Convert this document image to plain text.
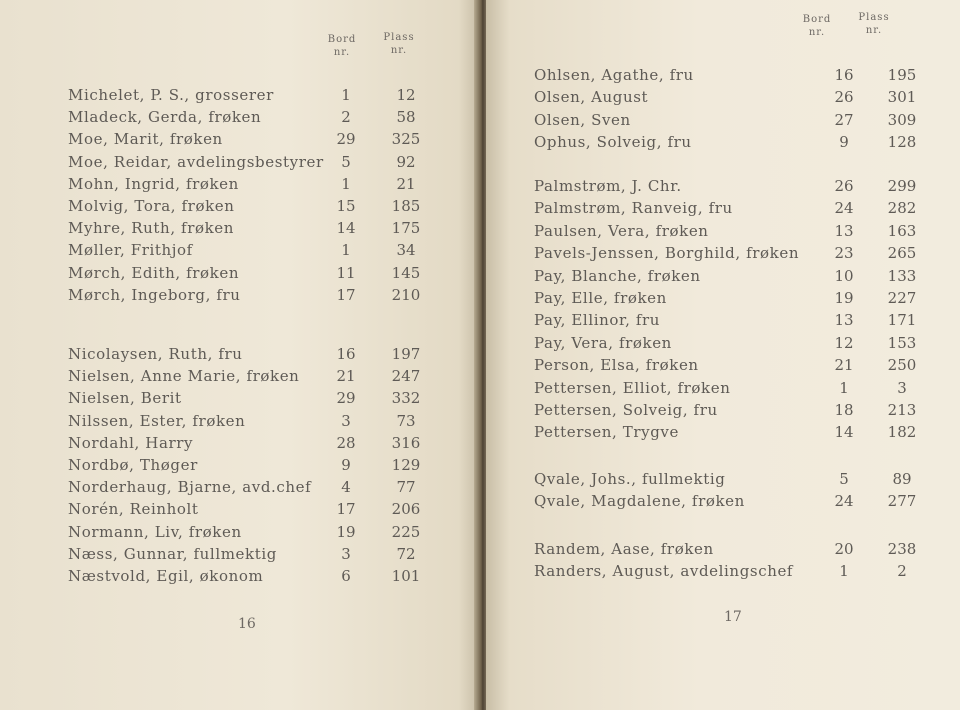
Bord
nr.
Plass
nr.
Michelet, P. S., grosserer	1	12
Mladeck, Gerda, frøken	2	58
Moe, Marit, frøken	29	325
Moe, Reidar, avdelingsbestyrer	5	92
Mohn, Ingrid, frøken	1	21
Molvig, Tora, frøken	15	185
Myhre, Ruth, frøken	14	175
Møller, Frithjof	1	34
Mørch, Edith, frøken	11	145
Mørch, Ingeborg, fru	17	210
Nicolaysen, Ruth, fru	16	197
Nielsen, Anne Marie, frøken	21	247
Nielsen, Berit	29	332
Nilssen, Ester, frøken	3	73
Nordahl, Harry	28	316
Nordbø, Thøger	9	129
Norderhaug, Bjarne, avd.chef	4	77
Norén, Reinholt	17	206
Normann, Liv, frøken	19	225
Næss, Gunnar, fullmektig	3	72
Næstvold, Egil, økonom	6	101
16
Bord
nr.
Plass
nr.
Ohlsen, Agathe, fru	16	195
Olsen, August	26	301
Olsen, Sven	27	309
Ophus, Solveig, fru	9	128
Palmstrøm, J. Chr.	26	299
Palmstrøm, Ranveig, fru	24	282
Paulsen, Vera, frøken	13	163
Pavels-Jenssen, Borghild, frøken	23	265
Pay, Blanche, frøken	10	133
Pay, Elle, frøken	19	227
Pay, Ellinor, fru	13	171
Pay, Vera, frøken	12	153
Person, Elsa, frøken	21	250
Pettersen, Elliot, frøken	1	3
Pettersen, Solveig, fru	18	213
Pettersen, Trygve	14	182
Qvale, Johs., fullmektig	5	89
Qvale, Magdalene, frøken	24	277
Randem, Aase, frøken	20	238
Randers, August, avdelingschef	1	2
17
